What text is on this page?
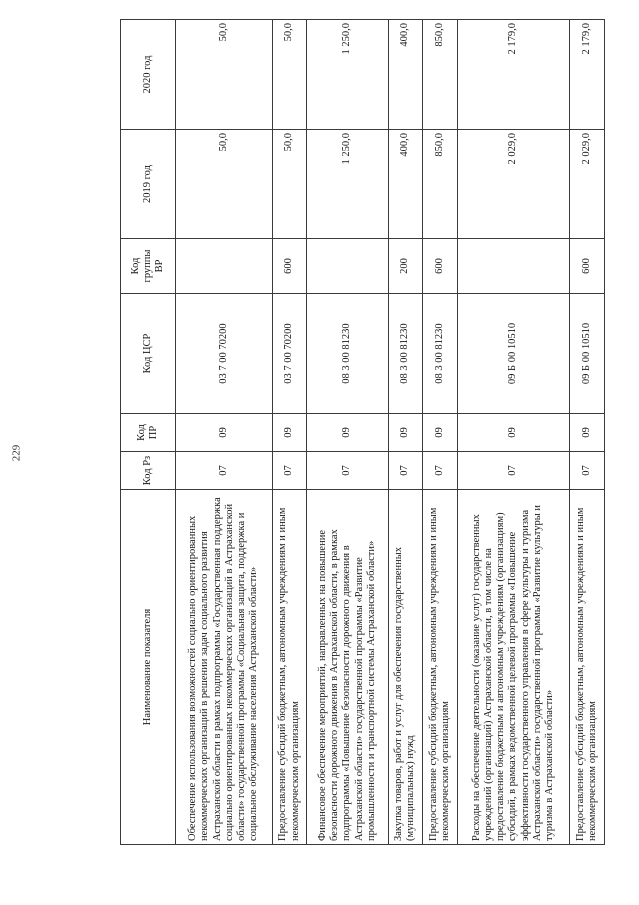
229
Наименование показателя	Код Рз	Код ПР	Код ЦСР	Код группы ВР	2019 год	2020 год
Обеспечение использования возможностей социально ориентированных некоммерческих организаций в решении задач социального развития Астраханской области в рамках подпрограммы «Государственная поддержка социально ориентированных некоммерческих организаций в Астраханской области» государственной программы «Социальная защита, поддержка и социальное обслуживание населения Астраханской области»	07	09	03 7 00 70200		50,0	50,0
Предоставление субсидий бюджетным, автономным учреждениям и иным некоммерческим организациям	07	09	03 7 00 70200	600	50,0	50,0
Финансовое обеспечение мероприятий, направленных на повышение безопасности дорожного движения в Астраханской области, в рамках подпрограммы «Повышение безопасности дорожного движения в Астраханской области» государственной программы «Развитие промышленности и транспортной системы Астраханской области»	07	09	08 3 00 81230		1 250,0	1 250,0
Закупка товаров, работ и услуг для обеспечения государственных (муниципальных) нужд	07	09	08 3 00 81230	200	400,0	400,0
Предоставление субсидий бюджетным, автономным учреждениям и иным некоммерческим организациям	07	09	08 3 00 81230	600	850,0	850,0
Расходы на обеспечение деятельности (оказание услуг) государственных учреждений (организаций) Астраханской области, в том числе на предоставление бюджетным и автономным учреждениям (организациям) субсидий, в рамках ведомственной целевой программы «Повышение эффективности государственного управления в сфере культуры и туризма Астраханской области» государственной программы «Развитие культуры и туризма в Астраханской области»	07	09	09 Б 00 10510		2 029,0	2 179,0
Предоставление субсидий бюджетным, автономным учреждениям и иным некоммерческим организациям	07	09	09 Б 00 10510	600	2 029,0	2 179,0
